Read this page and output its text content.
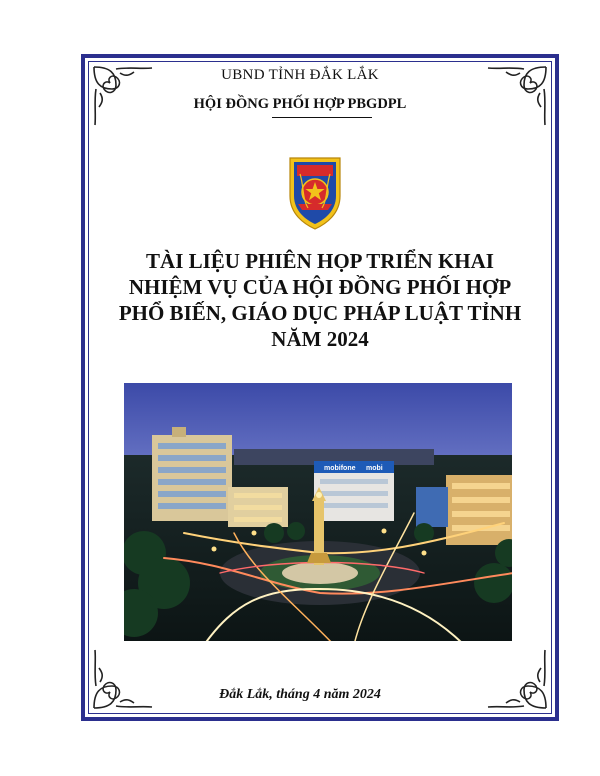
UBND TỈNH ĐẮK LẮK
HỘI ĐỒNG PHỐI HỢP PBGDPL
TÀI LIỆU PHIÊN HỌP TRIỂN KHAI
NHIỆM VỤ CỦA HỘI ĐỒNG PHỐI HỢP
PHỔ BIẾN, GIÁO DỤC PHÁP LUẬT TỈNH
NĂM 2024
mobifone mobi
Đắk Lắk, tháng 4 năm 2024
